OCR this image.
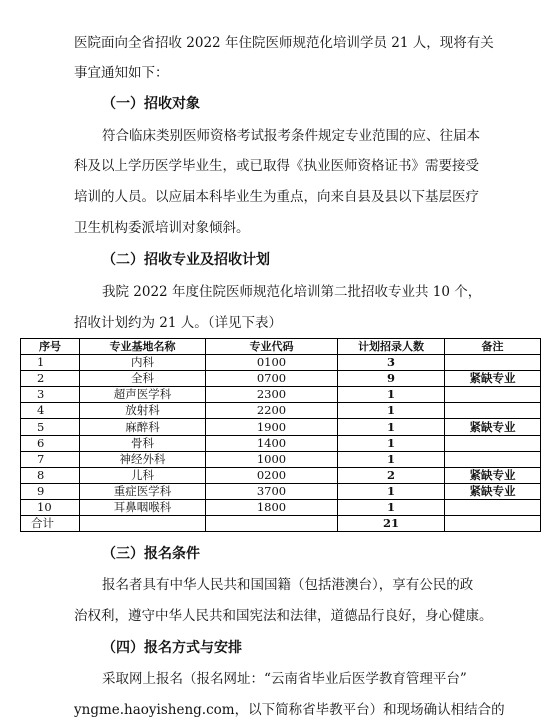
医院面向全省招收 2022 年住院医师规范化培训学员 21 人，现将有关
事宜通知如下：
（一）招收对象
符合临床类别医师资格考试报考条件规定专业范围的应、往届本
科及以上学历医学毕业生，或已取得《执业医师资格证书》需要接受
培训的人员。以应届本科毕业生为重点，向来自县及县以下基层医疗
卫生机构委派培训对象倾斜。
（二）招收专业及招收计划
我院 2022 年度住院医师规范化培训第二批招收专业共 10 个，
招收计划约为 21 人。（详见下表）
序号	专业基地名称	专业代码	计划招录人数	备注
1	内科	0100	3	
2	全科	0700	9	紧缺专业
3	超声医学科	2300	1	
4	放射科	2200	1	
5	麻醉科	1900	1	紧缺专业
6	骨科	1400	1	
7	神经外科	1000	1	
8	儿科	0200	2	紧缺专业
9	重症医学科	3700	1	紧缺专业
10	耳鼻咽喉科	1800	1	
合计			21	
（三）报名条件
报名者具有中华人民共和国国籍（包括港澳台），享有公民的政
治权利，遵守中华人民共和国宪法和法律，道德品行良好，身心健康。
（四）报名方式与安排
采取网上报名（报名网址：“云南省毕业后医学教育管理平台”
yngme.haoyisheng.com，以下简称省毕教平台）和现场确认相结合的
